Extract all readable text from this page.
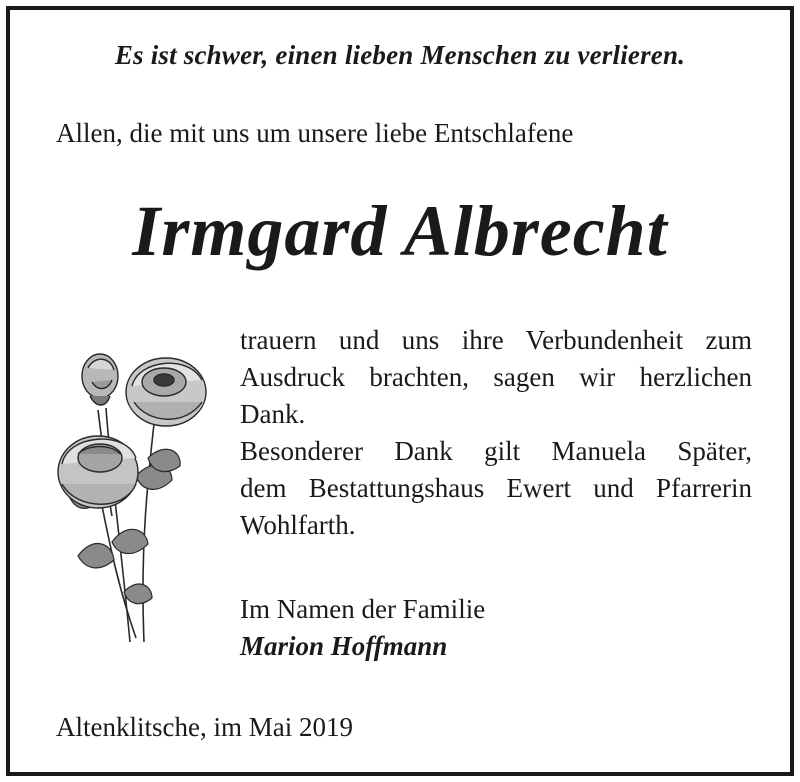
Es ist schwer, einen lieben Menschen zu verlieren.
Allen, die mit uns um unsere liebe Entschlafene
Irmgard Albrecht
trauern und uns ihre Verbundenheit zum
Ausdruck brachten, sagen wir herzlichen
Dank.
Besonderer Dank gilt Manuela Später,
dem Bestattungshaus Ewert und Pfarrerin
Wohlfarth.
Im Namen der Familie
Marion Hoffmann
Altenklitsche, im Mai 2019
